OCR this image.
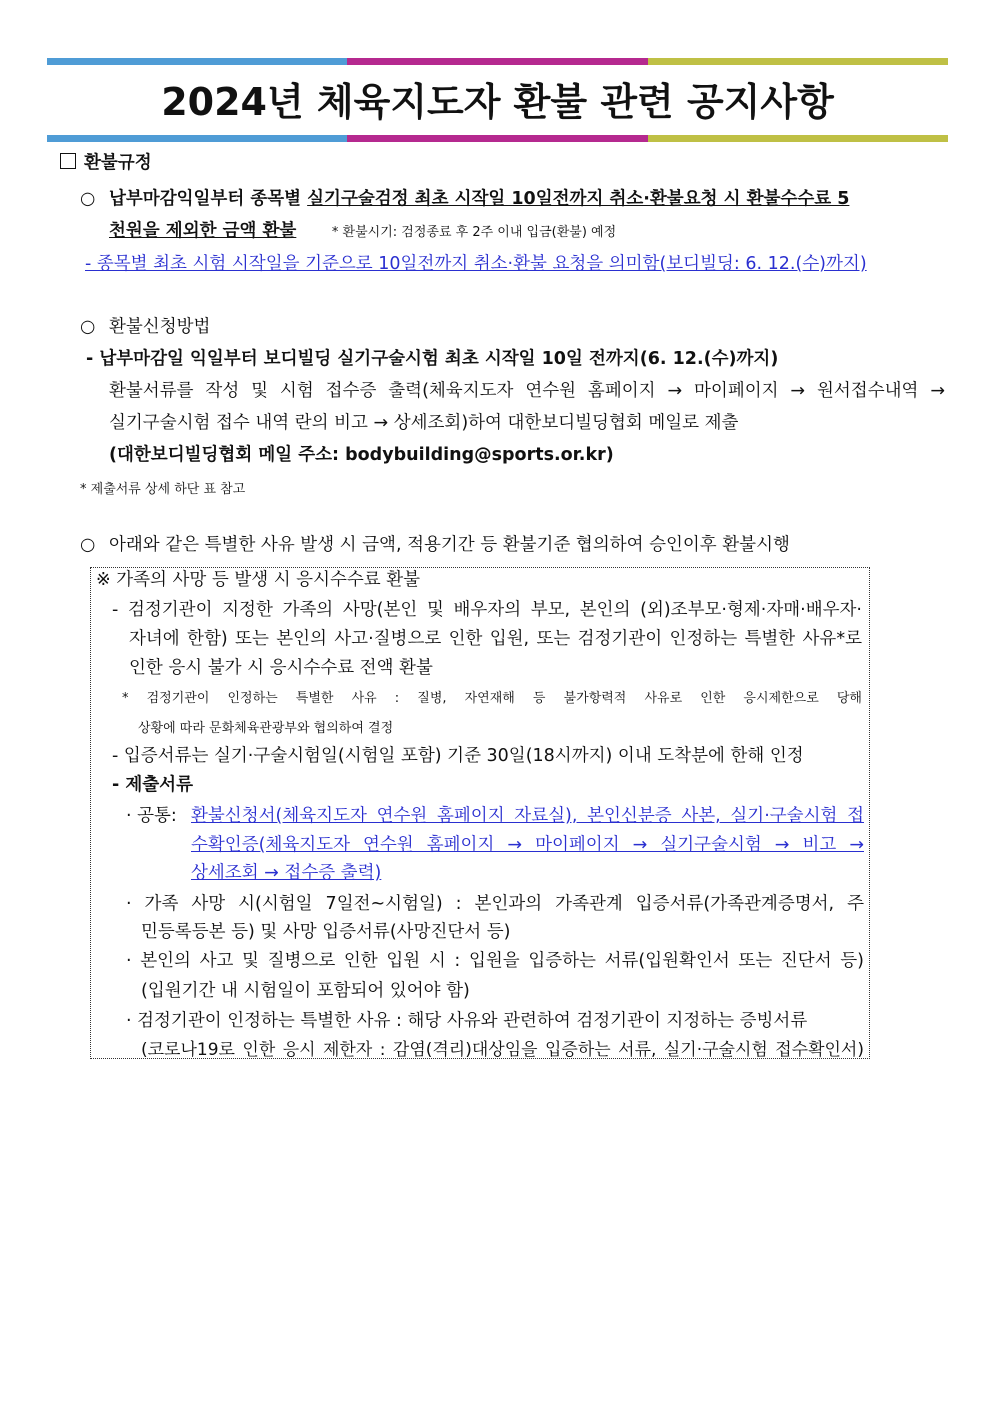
2024년 체육지도자 환불 관련 공지사항
환불규정
○ 납부마감익일부터 종목별 실기구술검정 최초 시작일 10일전까지 취소·환불요청 시 환불수수료 5
천원을 제외한 금액 환불	* 환불시기: 검정종료 후 2주 이내 입금(환불) 예정
- 종목별 최초 시험 시작일을 기준으로 10일전까지 취소·환불 요청을 의미함(보디빌딩: 6. 12.(수)까지)
○ 환불신청방법
- 납부마감일 익일부터 보디빌딩 실기구술시험 최초 시작일 10일 전까지(6. 12.(수)까지)
환불서류를 작성 및 시험 접수증 출력(체육지도자 연수원 홈페이지 → 마이페이지 → 원서접수내역 →
실기구술시험 접수 내역 란의 비고 → 상세조회)하여 대한보디빌딩협회 메일로 제출
(대한보디빌딩협회 메일 주소: bodybuilding@sports.or.kr)
* 제출서류 상세 하단 표 참고
○ 아래와 같은 특별한 사유 발생 시 금액, 적용기간 등 환불기준 협의하여 승인이후 환불시행
※ 가족의 사망 등 발생 시 응시수수료 환불
- 검정기관이 지정한 가족의 사망(본인 및 배우자의 부모, 본인의 (외)조부모·형제·자매·배우자·
자녀에 한함) 또는 본인의 사고·질병으로 인한 입원, 또는 검정기관이 인정하는 특별한 사유*로
인한 응시 불가 시 응시수수료 전액 환불
* 검정기관이 인정하는 특별한 사유 : 질병, 자연재해 등 불가항력적 사유로 인한 응시제한으로 당해
상황에 따라 문화체육관광부와 협의하여 결정
- 입증서류는 실기·구술시험일(시험일 포함) 기준 30일(18시까지) 이내 도착분에 한해 인정
- 제출서류
· 공통: 환불신청서(체육지도자 연수원 홈페이지 자료실), 본인신분증 사본, 실기·구술시험 접
수확인증(체육지도자 연수원 홈페이지 → 마이페이지 → 실기구술시험 → 비고 →
상세조회 → 접수증 출력)
· 가족 사망 시(시험일 7일전~시험일) : 본인과의 가족관계 입증서류(가족관계증명서, 주
민등록등본 등) 및 사망 입증서류(사망진단서 등)
· 본인의 사고 및 질병으로 인한 입원 시 : 입원을 입증하는 서류(입원확인서 또는 진단서 등)
(입원기간 내 시험일이 포함되어 있어야 함)
· 검정기관이 인정하는 특별한 사유 : 해당 사유와 관련하여 검정기관이 지정하는 증빙서류
(코로나19로 인한 응시 제한자 : 감염(격리)대상임을 입증하는 서류, 실기·구술시험 접수확인서)
